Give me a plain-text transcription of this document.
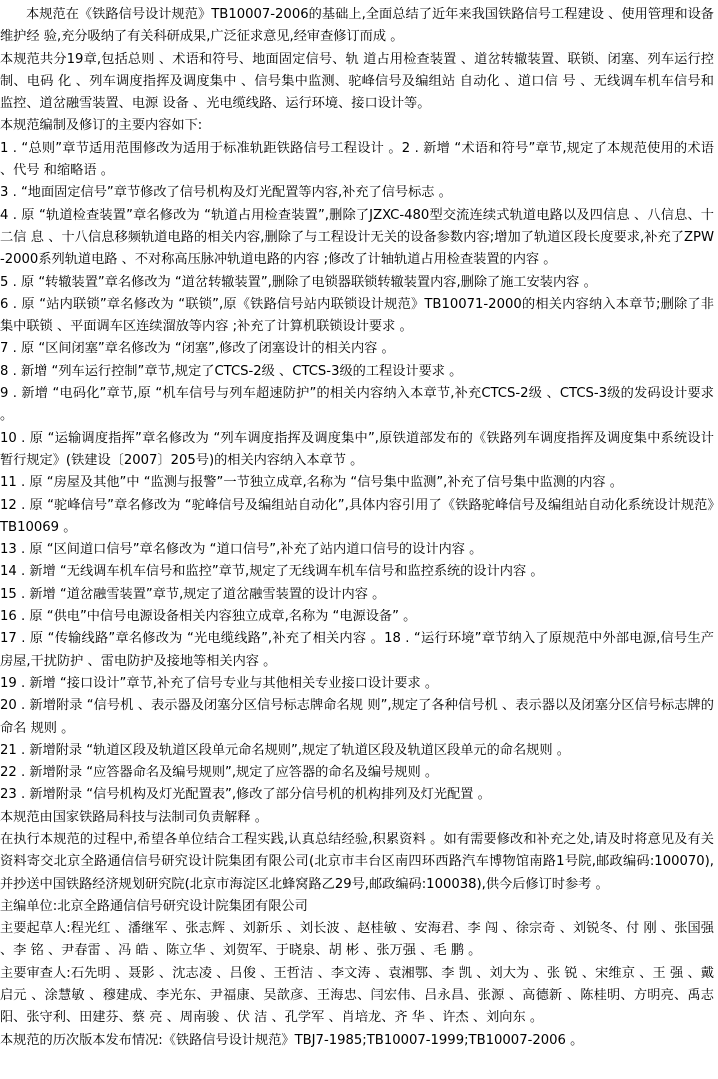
本规范在《铁路信号设计规范》TB10007-2006的基础上,全面总结了近年来我国铁路信号工程建设 、使用管理和设备维护经 验,充分吸纳了有关科研成果,广泛征求意见,经审查修订而成 。

本规范共分19章,包括总则 、术语和符号、地面固定信号、轨 道占用检查装置 、道岔转辙装置、联锁、闭塞、列车运行控制、电码 化 、列车调度指挥及调度集中 、信号集中监测、驼峰信号及编组站 自动化 、道口信 号 、无线调车机车信号和监控、道岔融雪装置、电源 设备 、光电缆线路、运行环境、接口设计等。

本规范编制及修订的主要内容如下:

1 . “总则”章节适用范围修改为适用于标准轨距铁路信号工程设计 。2 . 新增 “术语和符号”章节,规定了本规范使用的术语 、代号 和缩略语 。

3 . “地面固定信号”章节修改了信号机构及灯光配置等内容,补充了信号标志 。

4 . 原 “轨道检查装置”章名修改为 “轨道占用检查装置”,删除了JZXC-480型交流连续式轨道电路以及四信息 、八信息、十二信 息 、十八信息移频轨道电路的相关内容,删除了与工程设计无关的设备参数内容;增加了轨道区段长度要求,补充了ZPW-2000系列轨道电路 、不对称高压脉冲轨道电路的内容 ;修改了计轴轨道占用检查装置的内容 。

5 . 原 “转辙装置”章名修改为 “道岔转辙装置”,删除了电锁器联锁转辙装置内容,删除了施工安装内容 。

6 . 原 “站内联锁”章名修改为 “联锁”,原《铁路信号站内联锁设计规范》TB10071-2000的相关内容纳入本章节;删除了非集中联锁 、平面调车区连续溜放等内容 ;补充了计算机联锁设计要求 。

7 . 原 “区间闭塞”章名修改为 “闭塞”,修改了闭塞设计的相关内容 。

8 . 新增 “列车运行控制”章节,规定了CTCS-2级 、CTCS-3级的工程设计要求 。

9 . 新增 “电码化”章节,原 “机车信号与列车超速防护”的相关内容纳入本章节,补充CTCS-2级 、CTCS-3级的发码设计要求 。

10 . 原 “运输调度指挥”章名修改为 “列车调度指挥及调度集中”,原铁道部发布的《铁路列车调度指挥及调度集中系统设计暂行规定》(铁建设〔2007〕205号)的相关内容纳入本章节 。

11 . 原 “房屋及其他”中 “监测与报警”一节独立成章,名称为 “信号集中监测”,补充了信号集中监测的内容 。

12 . 原 “驼峰信号”章名修改为 “驼峰信号及编组站自动化”,具体内容引用了《铁路驼峰信号及编组站自动化系统设计规范》TB10069 。

13 . 原 “区间道口信号”章名修改为 “道口信号”,补充了站内道口信号的设计内容 。

14 . 新增 “无线调车机车信号和监控”章节,规定了无线调车机车信号和监控系统的设计内容 。

15 . 新增 “道岔融雪装置”章节,规定了道岔融雪装置的设计内容 。

16 . 原 “供电”中信号电源设备相关内容独立成章,名称为 “电源设备” 。

17 . 原 “传输线路”章名修改为 “光电缆线路”,补充了相关内容 。18 . “运行环境”章节纳入了原规范中外部电源,信号生产房屋,干扰防护 、雷电防护及接地等相关内容 。

19 . 新增 “接口设计”章节,补充了信号专业与其他相关专业接口设计要求 。

20 . 新增附录 “信号机 、表示器及闭塞分区信号标志牌命名规 则”,规定了各种信号机 、表示器以及闭塞分区信号标志牌的命名 规则 。

21 . 新增附录 “轨道区段及轨道区段单元命名规则”,规定了轨道区段及轨道区段单元的命名规则 。

22 . 新增附录 “应答器命名及编号规则”,规定了应答器的命名及编号规则 。

23 . 新增附录 “信号机构及灯光配置表”,修改了部分信号机的机构排列及灯光配置 。

本规范由国家铁路局科技与法制司负责解释 。

在执行本规范的过程中,希望各单位结合工程实践,认真总结经验,积累资料 。如有需要修改和补充之处,请及时将意见及有关资料寄交北京全路通信信号研究设计院集团有限公司(北京市丰台区南四环西路汽车博物馆南路1号院,邮政编码:100070),并抄送中国铁路经济规划研究院(北京市海淀区北蜂窝路乙29号,邮政编码:100038),供今后修订时参考 。

主编单位:北京全路通信信号研究设计院集团有限公司

主要起草人:程光红 、潘继军 、张志辉 、刘新乐 、刘长波 、赵桂敏 、安海君、李 闯 、徐宗奇 、刘锐冬、付 刚 、张国强 、李 铭 、尹春雷 、冯 皓 、陈立华 、刘贺军、于晓泉、胡 彬 、张万强 、毛 鹏 。

主要审查人:石先明 、聂影 、沈志凌 、吕俊 、王哲洁 、李文涛 、袁湘鄂、李 凯 、刘大为 、张 锐 、宋维京 、王 强 、戴启元 、涂慧敏 、穆建成、李光东、尹福康、吴歆彦、王海忠、闫宏伟、吕永昌、张源 、高德新 、陈桂明、方明亮、禹志阳、张守利、田建芬、蔡 亮 、周南骏 、伏 洁 、孔学军 、肖培龙、齐 华 、许杰 、刘向东 。

本规范的历次版本发布情况:《铁路信号设计规范》TBJ7-1985;TB10007-1999;TB10007-2006 。
